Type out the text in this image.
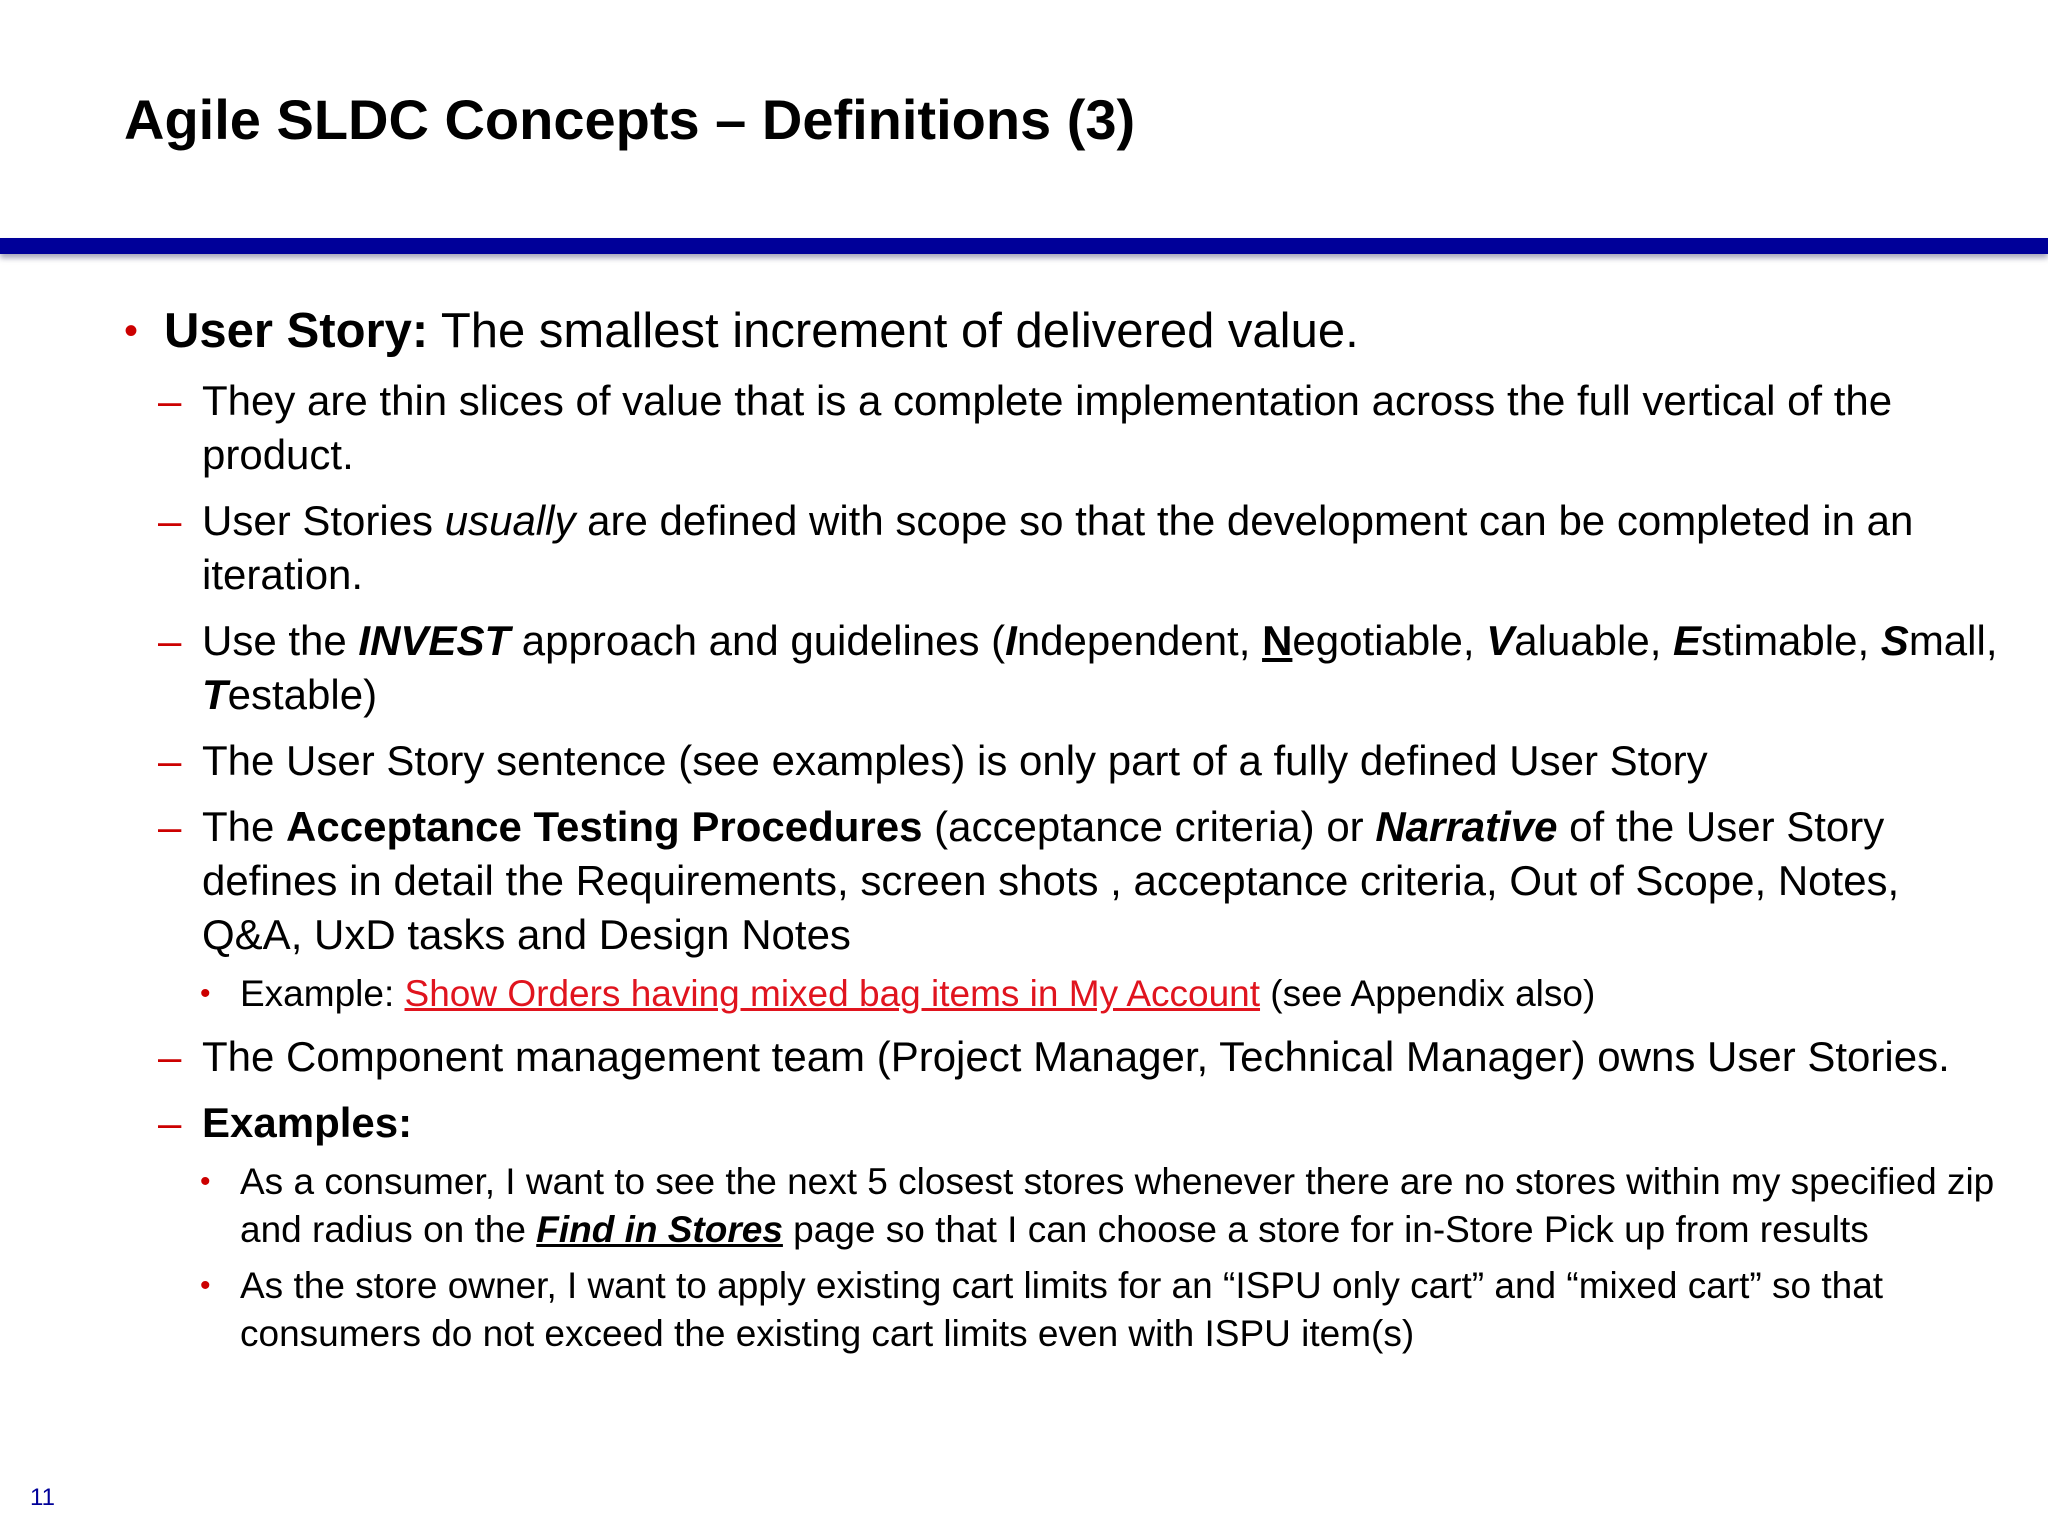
Agile SLDC Concepts – Definitions (3)
• User Story: The smallest increment of delivered value.
– They are thin slices of value that is a complete implementation across the full vertical of the product.
– User Stories usually are defined with scope so that the development can be completed in an iteration.
– Use the INVEST approach and guidelines (Independent, Negotiable, Valuable, Estimable, Small, Testable)
– The User Story sentence (see examples) is only part of a fully defined User Story
– The Acceptance Testing Procedures (acceptance criteria) or Narrative of the User Story defines in detail the Requirements, screen shots , acceptance criteria, Out of Scope, Notes, Q&A, UxD tasks and Design Notes
• Example: Show Orders having mixed bag items in My Account (see Appendix also)
– The Component management team (Project Manager, Technical Manager) owns User Stories.
– Examples:
• As a consumer, I want to see the next 5 closest stores whenever there are no stores within my specified zip and radius on the Find in Stores page so that I can choose a store for in-Store Pick up from results
• As the store owner, I want to apply existing cart limits for an “ISPU only cart” and “mixed cart” so that consumers do not exceed the existing cart limits even with ISPU item(s)
11
